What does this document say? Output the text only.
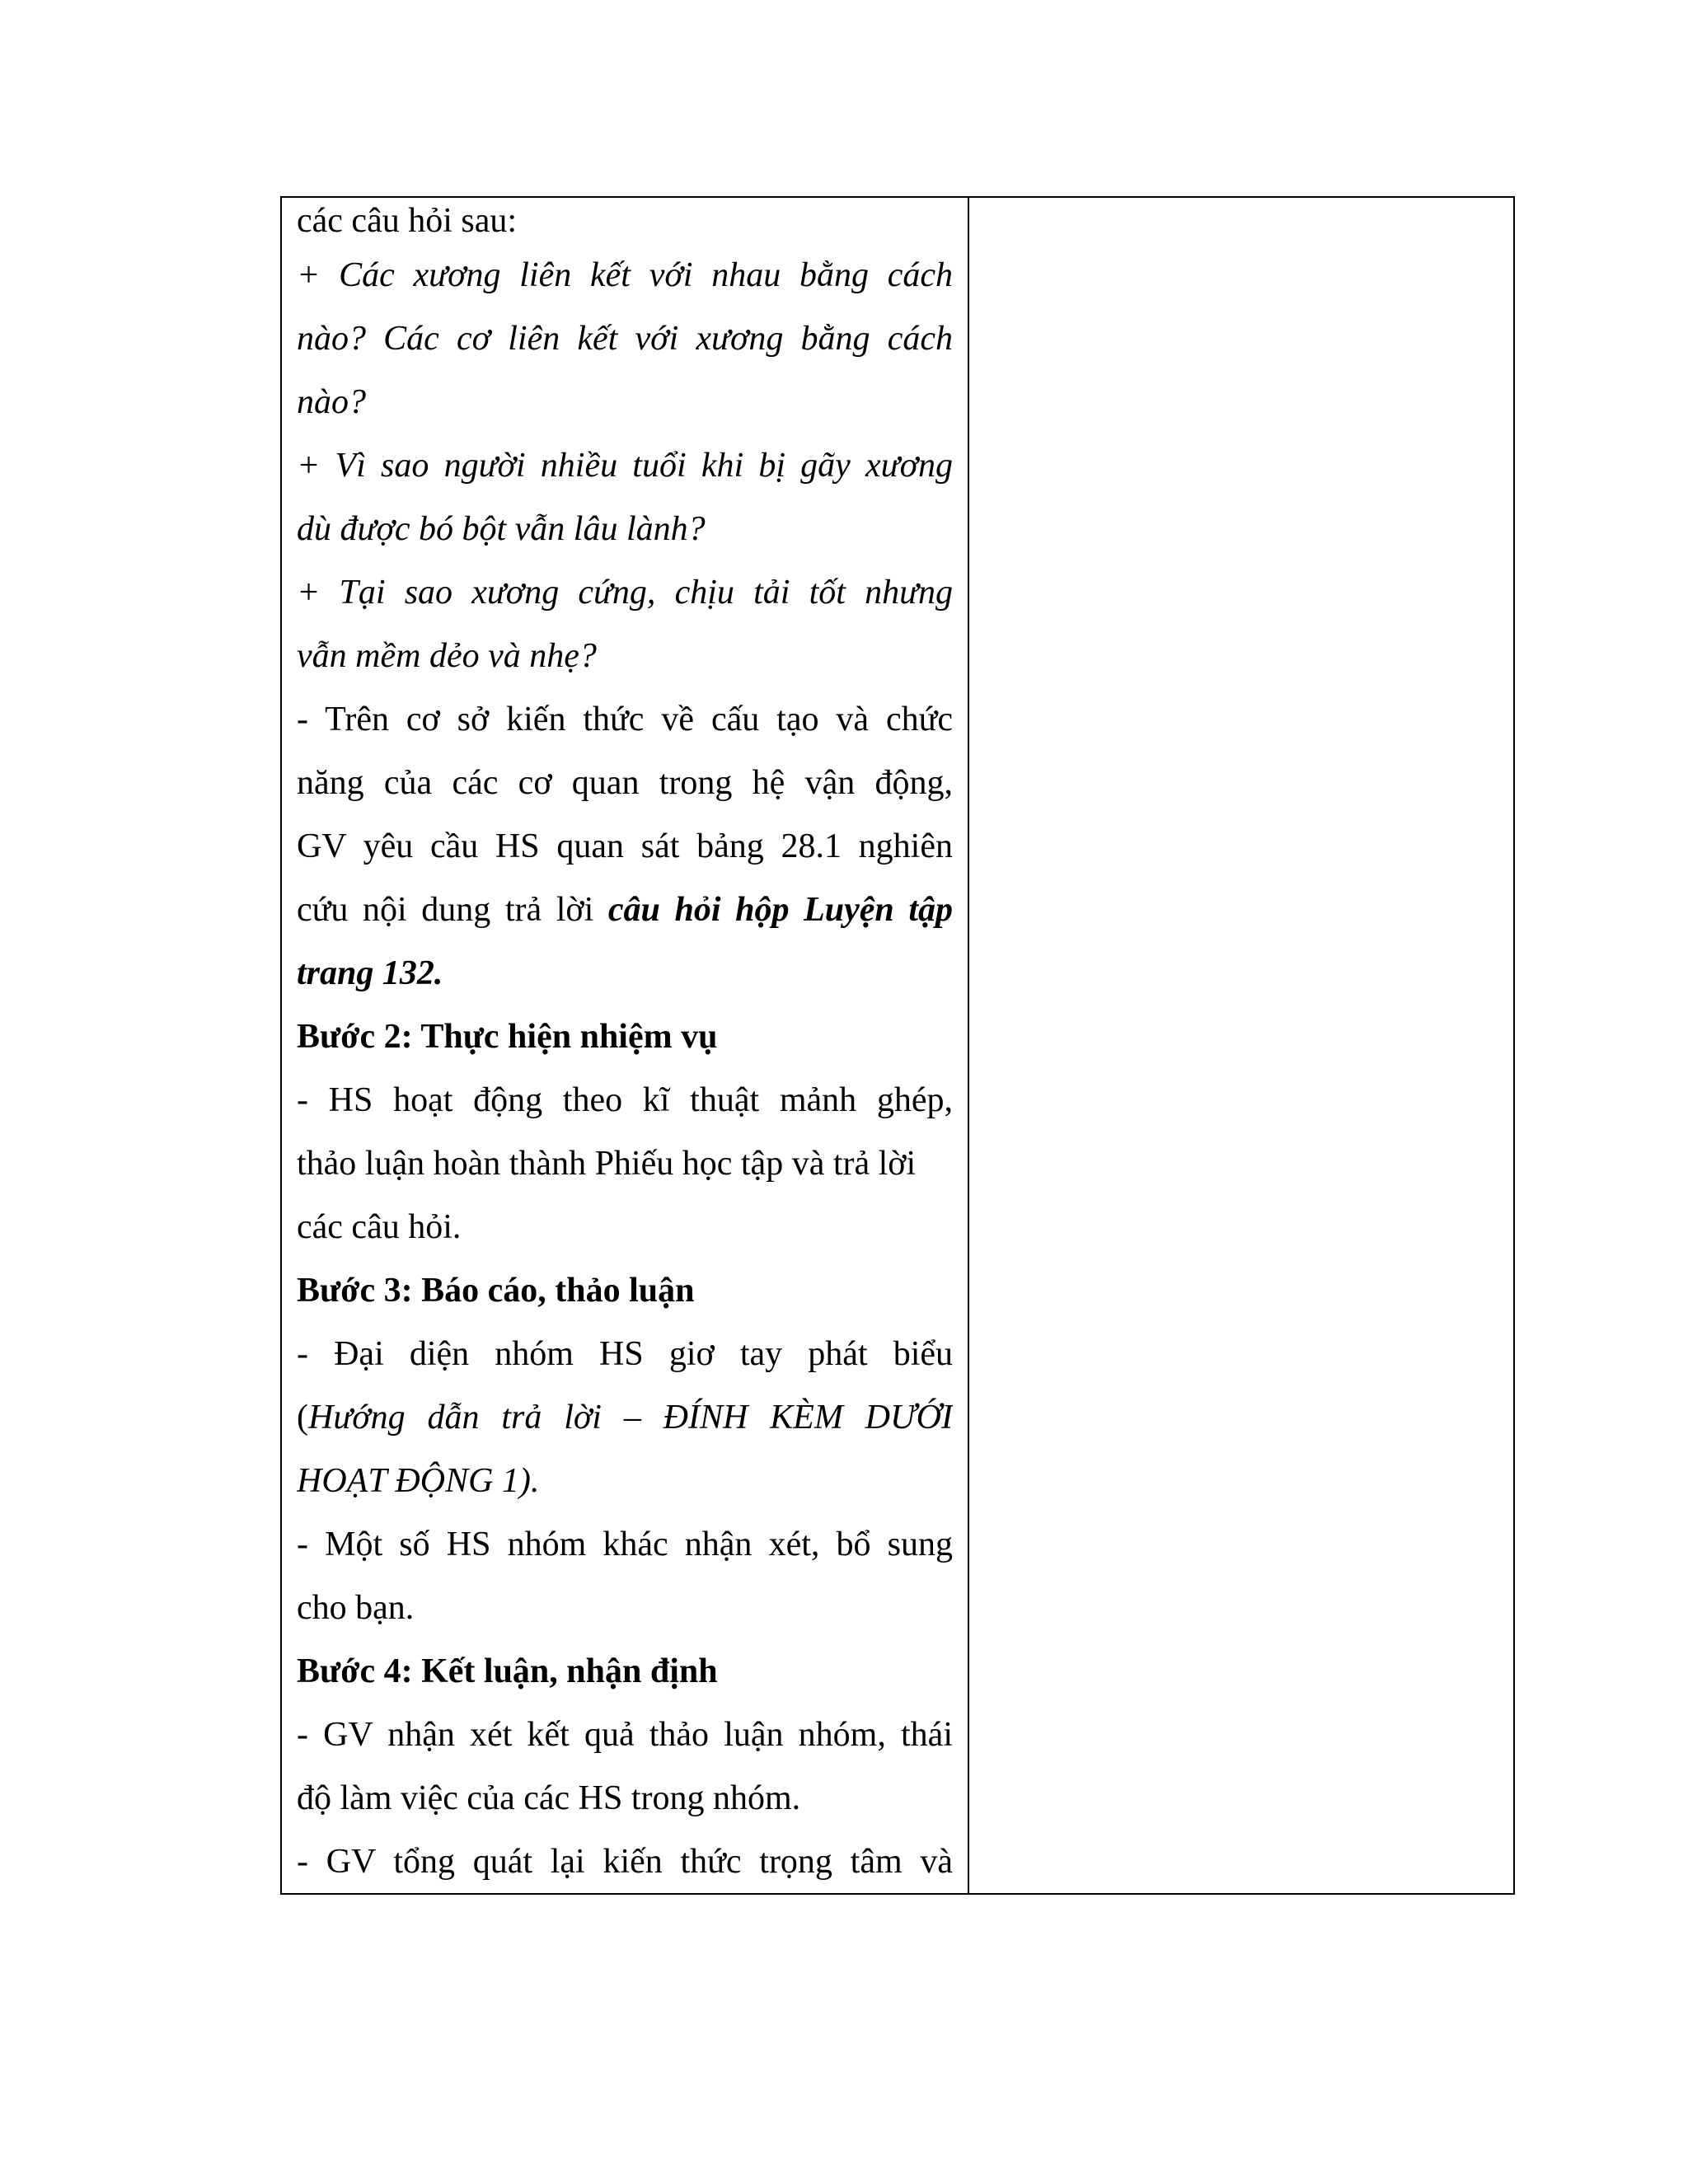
các câu hỏi sau:
+ Các xương liên kết với nhau bằng cách
nào? Các cơ liên kết với xương bằng cách
nào?
+ Vì sao người nhiều tuổi khi bị gãy xương
dù được bó bột vẫn lâu lành?
+ Tại sao xương cứng, chịu tải tốt nhưng
vẫn mềm dẻo và nhẹ?
- Trên cơ sở kiến thức về cấu tạo và chức
năng của các cơ quan trong hệ vận động,
GV yêu cầu HS quan sát bảng 28.1 nghiên
cứu nội dung trả lời câu hỏi hộp Luyện tập
trang 132.
Bước 2: Thực hiện nhiệm vụ
- HS hoạt động theo kĩ thuật mảnh ghép,
thảo luận hoàn thành Phiếu học tập và trả lời
các câu hỏi.
Bước 3: Báo cáo, thảo luận
- Đại diện nhóm HS giơ tay phát biểu
(Hướng dẫn trả lời – ĐÍNH KÈM DƯỚI
HOẠT ĐỘNG 1).
- Một số HS nhóm khác nhận xét, bổ sung
cho bạn.
Bước 4: Kết luận, nhận định
- GV nhận xét kết quả thảo luận nhóm, thái
độ làm việc của các HS trong nhóm.
- GV tổng quát lại kiến thức trọng tâm và
